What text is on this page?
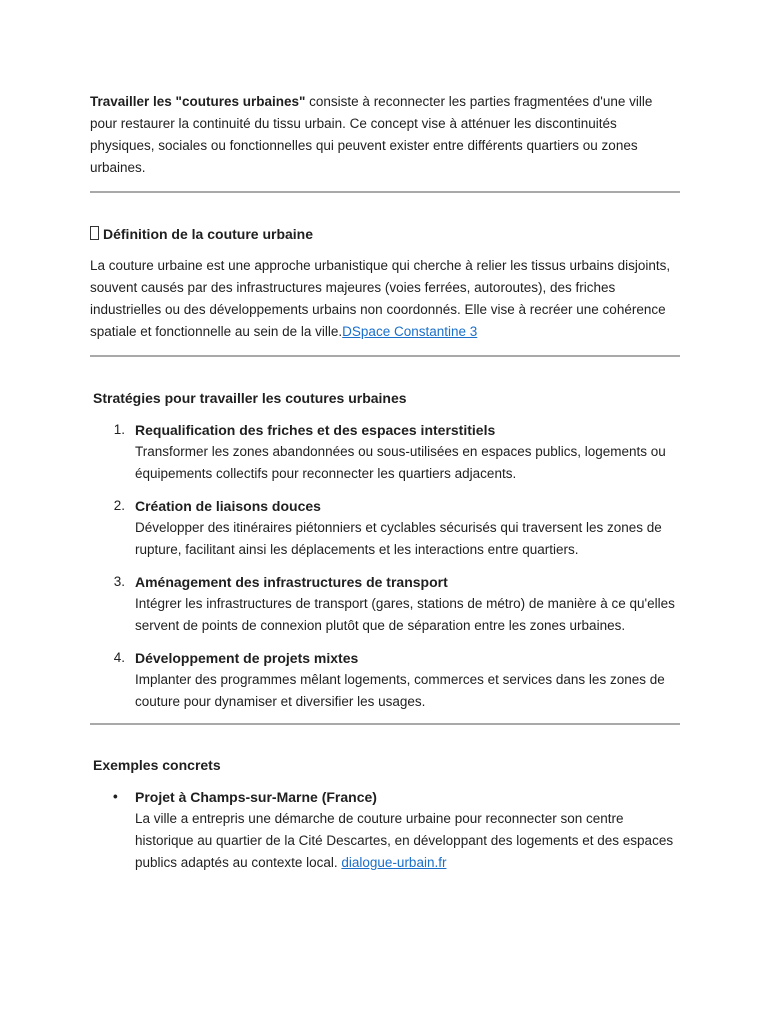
Travailler les "coutures urbaines" consiste à reconnecter les parties fragmentées d'une ville pour restaurer la continuité du tissu urbain. Ce concept vise à atténuer les discontinuités physiques, sociales ou fonctionnelles qui peuvent exister entre différents quartiers ou zones urbaines.

Définition de la couture urbaine

La couture urbaine est une approche urbanistique qui cherche à relier les tissus urbains disjoints, souvent causés par des infrastructures majeures (voies ferrées, autoroutes), des friches industrielles ou des développements urbains non coordonnés. Elle vise à recréer une cohérence spatiale et fonctionnelle au sein de la ville.DSpace Constantine 3

Stratégies pour travailler les coutures urbaines
1. Requalification des friches et des espaces interstitiels
Transformer les zones abandonnées ou sous-utilisées en espaces publics, logements ou équipements collectifs pour reconnecter les quartiers adjacents.
2. Création de liaisons douces
Développer des itinéraires piétonniers et cyclables sécurisés qui traversent les zones de rupture, facilitant ainsi les déplacements et les interactions entre quartiers.
3. Aménagement des infrastructures de transport
Intégrer les infrastructures de transport (gares, stations de métro) de manière à ce qu'elles servent de points de connexion plutôt que de séparation entre les zones urbaines.
4. Développement de projets mixtes
Implanter des programmes mêlant logements, commerces et services dans les zones de couture pour dynamiser et diversifier les usages.
Exemples concrets
• Projet à Champs-sur-Marne (France)
La ville a entrepris une démarche de couture urbaine pour reconnecter son centre historique au quartier de la Cité Descartes, en développant des logements et des espaces publics adaptés au contexte local. dialogue-urbain.fr
